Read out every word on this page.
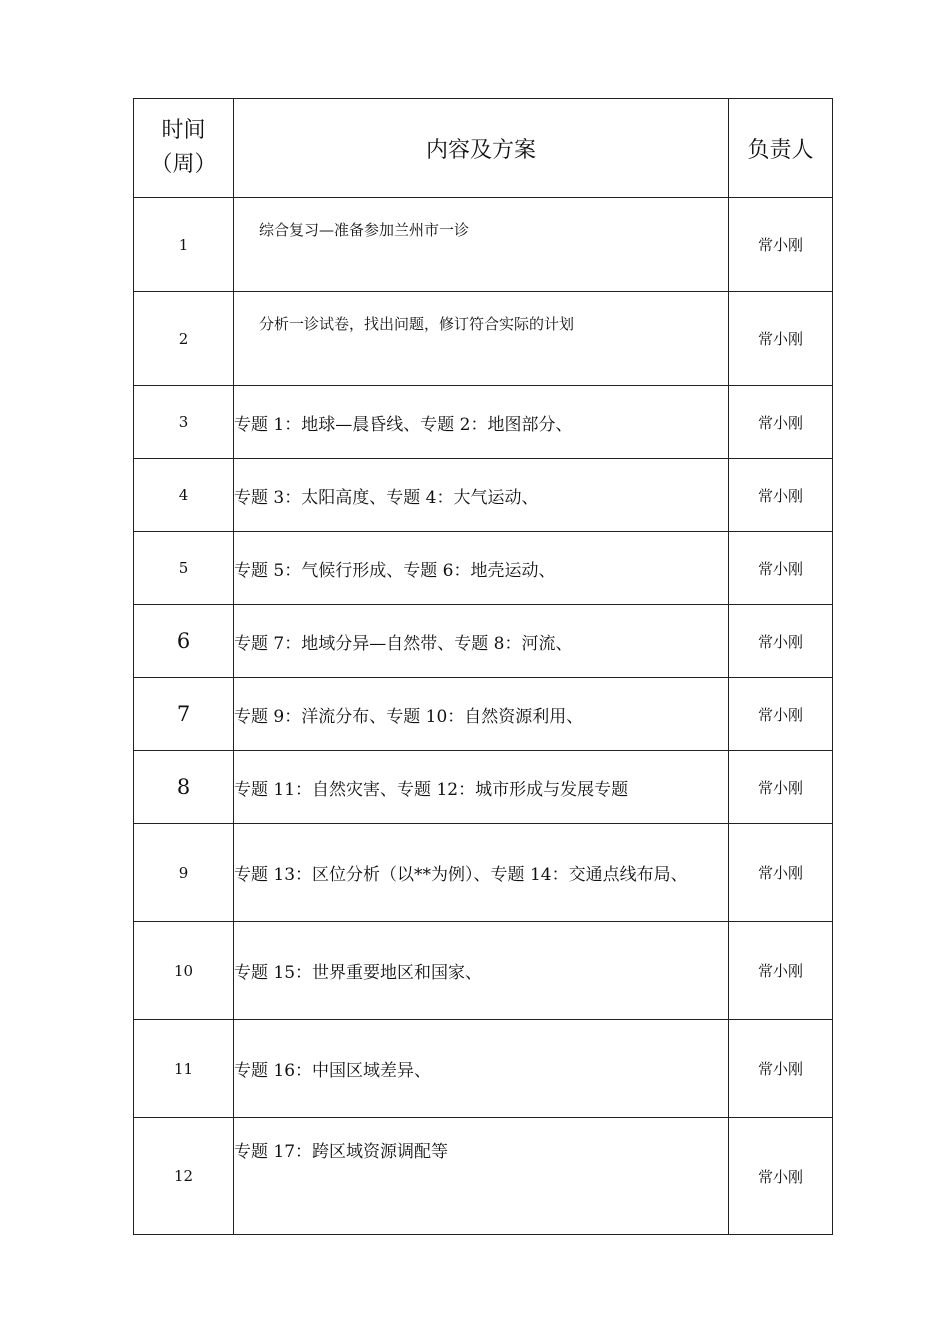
时间
（周）	内容及方案	负责人
1	综合复习—准备参加兰州市一诊	常小刚
2	分析一诊试卷，找出问题，修订符合实际的计划	常小刚
3	专题 1：地球—晨昏线、专题 2：地图部分、	常小刚
4	专题 3：太阳高度、专题 4：大气运动、	常小刚
5	专题 5：气候行形成、专题 6：地壳运动、	常小刚
6	专题 7：地域分异—自然带、专题 8：河流、	常小刚
7	专题 9：洋流分布、专题 10：自然资源利用、	常小刚
8	专题 11：自然灾害、专题 12：城市形成与发展专题	常小刚
9	专题 13：区位分析（以**为例）、专题 14：交通点线布局、	常小刚
10	专题 15：世界重要地区和国家、	常小刚
11	专题 16：中国区域差异、	常小刚
12	专题 17：跨区域资源调配等	常小刚
